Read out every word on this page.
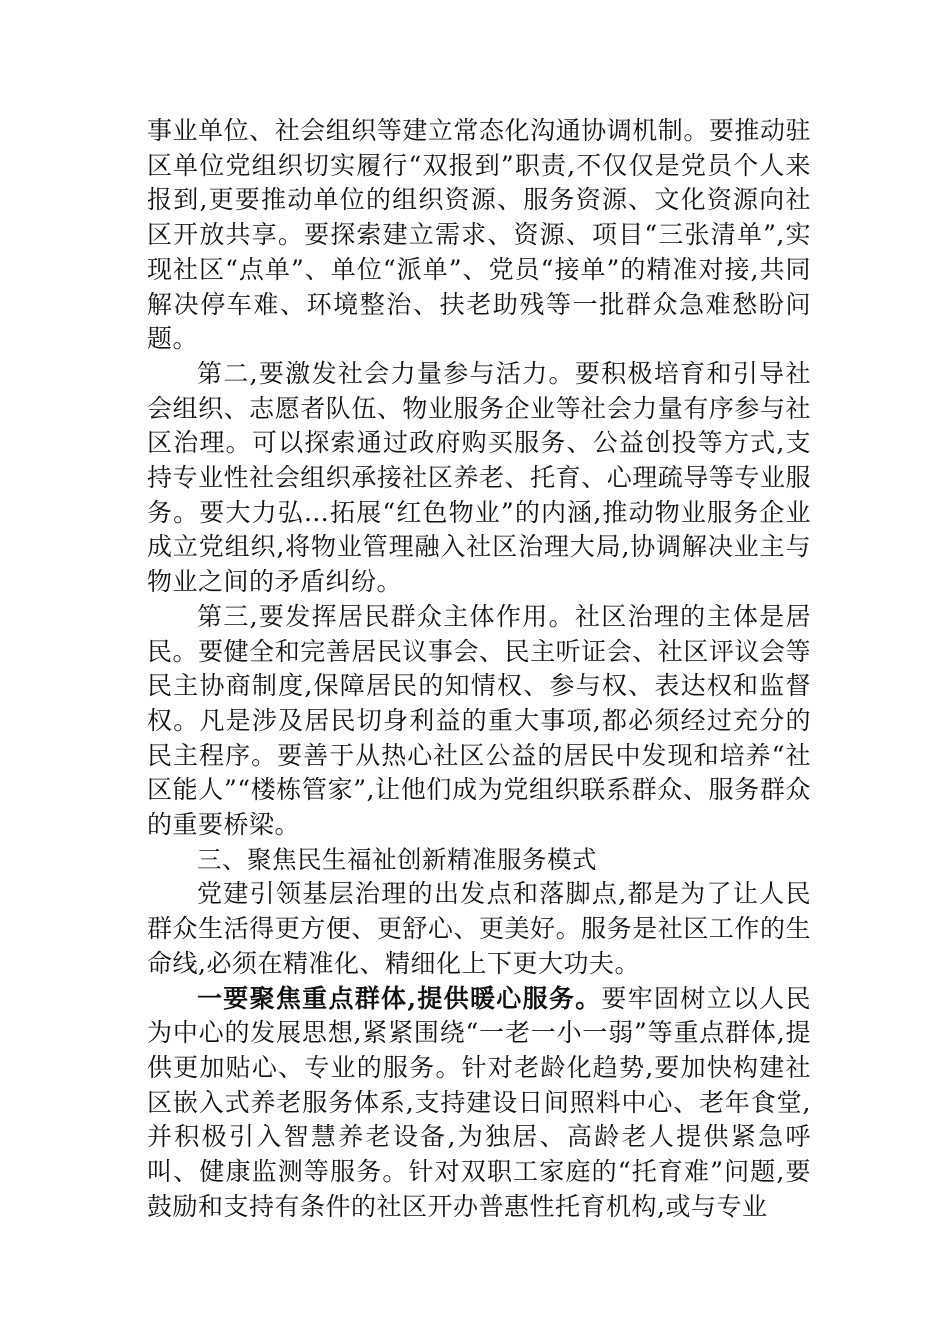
事业单位、社会组织等建立常态化沟通协调机制。要推动驻区单位党组织切实履行“双报到”职责,不仅仅是党员个人来报到,更要推动单位的组织资源、服务资源、文化资源向社区开放共享。要探索建立需求、资源、项目“三张清单”,实现社区“点单”、单位“派单”、党员“接单”的精准对接,共同解决停车难、环境整治、扶老助残等一批群众急难愁盼问题。

第二,要激发社会力量参与活力。要积极培育和引导社会组织、志愿者队伍、物业服务企业等社会力量有序参与社区治理。可以探索通过政府购买服务、公益创投等方式,支持专业性社会组织承接社区养老、托育、心理疏导等专业服务。要大力弘…拓展“红色物业”的内涵,推动物业服务企业成立党组织,将物业管理融入社区治理大局,协调解决业主与物业之间的矛盾纠纷。

第三,要发挥居民群众主体作用。社区治理的主体是居民。要健全和完善居民议事会、民主听证会、社区评议会等民主协商制度,保障居民的知情权、参与权、表达权和监督权。凡是涉及居民切身利益的重大事项,都必须经过充分的民主程序。要善于从热心社区公益的居民中发现和培养“社区能人”“楼栋管家”,让他们成为党组织联系群众、服务群众的重要桥梁。

三、聚焦民生福祉创新精准服务模式

党建引领基层治理的出发点和落脚点,都是为了让人民群众生活得更方便、更舒心、更美好。服务是社区工作的生命线,必须在精准化、精细化上下更大功夫。

一要聚焦重点群体,提供暖心服务。要牢固树立以人民为中心的发展思想,紧紧围绕“一老一小一弱”等重点群体,提供更加贴心、专业的服务。针对老龄化趋势,要加快构建社区嵌入式养老服务体系,支持建设日间照料中心、老年食堂,并积极引入智慧养老设备,为独居、高龄老人提供紧急呼叫、健康监测等服务。针对双职工家庭的“托育难”问题,要鼓励和支持有条件的社区开办普惠性托育机构,或与专业
